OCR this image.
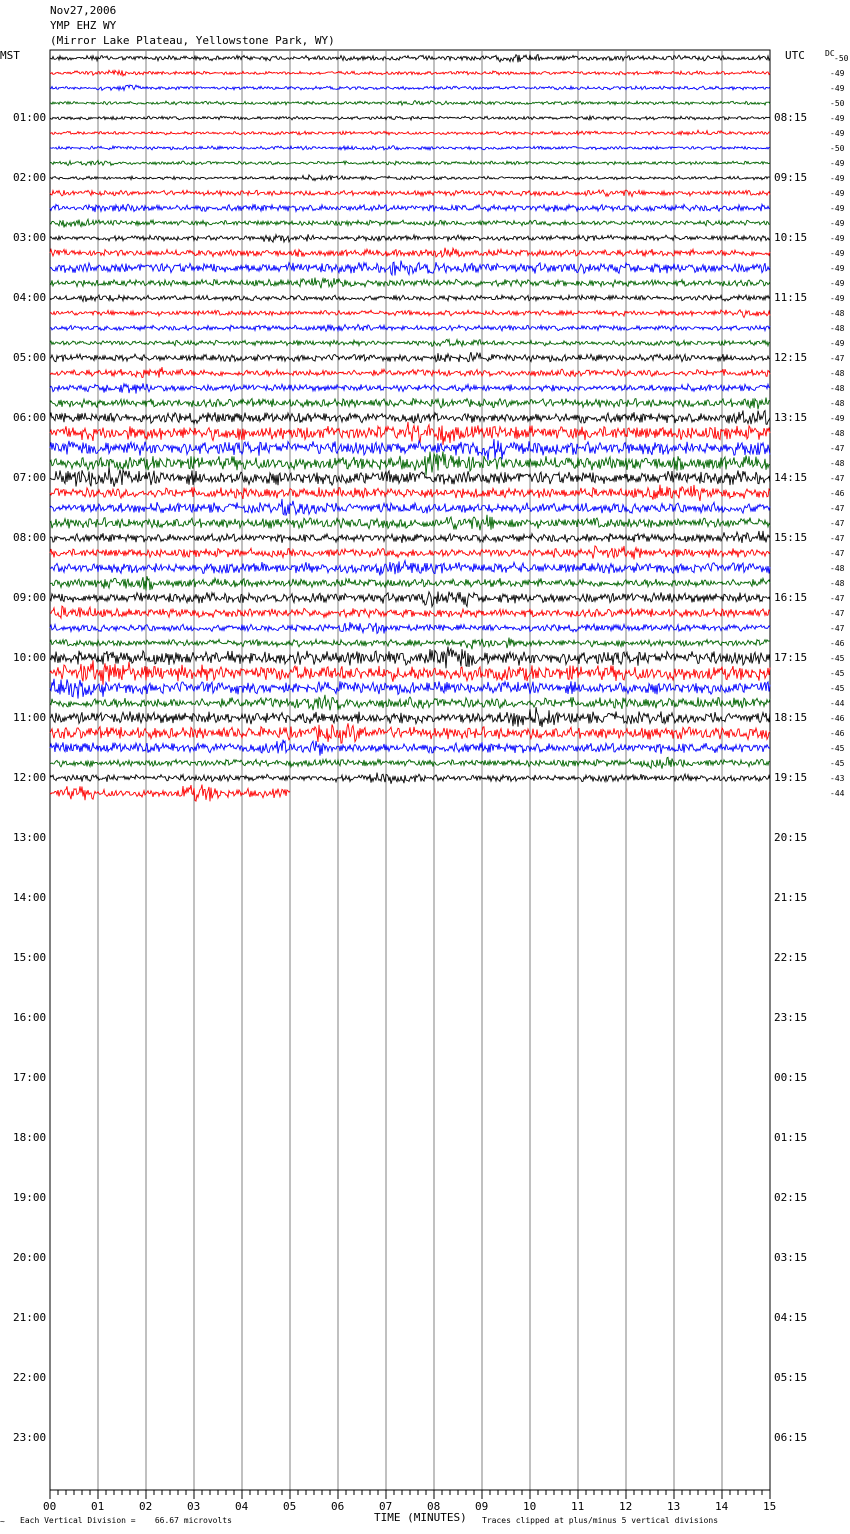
Nov27,2006
YMP EHZ WY
(Mirror Lake Plateau, Yellowstone Park, WY)
MST	UTC	DC
01:00
02:00
03:00
04:00
05:00
06:00
07:00
08:00
09:00
10:00
11:00
12:00
13:00
14:00
15:00
16:00
17:00
18:00
19:00
20:00
21:00
22:00
23:00
08:15
09:15
10:15
11:15
12:15
13:15
14:15
15:15
16:15
17:15
18:15
19:15
20:15
21:15
22:15
23:15
00:15
01:15
02:15
03:15
04:15
05:15
06:15
-50
-49
-49
-50
-49
-49
-50
-49
-49
-49
-49
-49
-49
-49
-49
-49
-49
-48
-48
-49
-47
-48
-48
-48
-49
-48
-47
-48
-47
-46
-47
-47
-47
-47
-48
-48
-47
-47
-47
-46
-45
-45
-45
-44
-46
-46
-45
-45
-43
-44
00	01	02	03	04	05	06	07	08	09	10	11	12	13	14	15
~ Each Vertical Division =    66.67 microvolts	TIME (MINUTES) Traces clipped at plus/minus 5 vertical divisions
